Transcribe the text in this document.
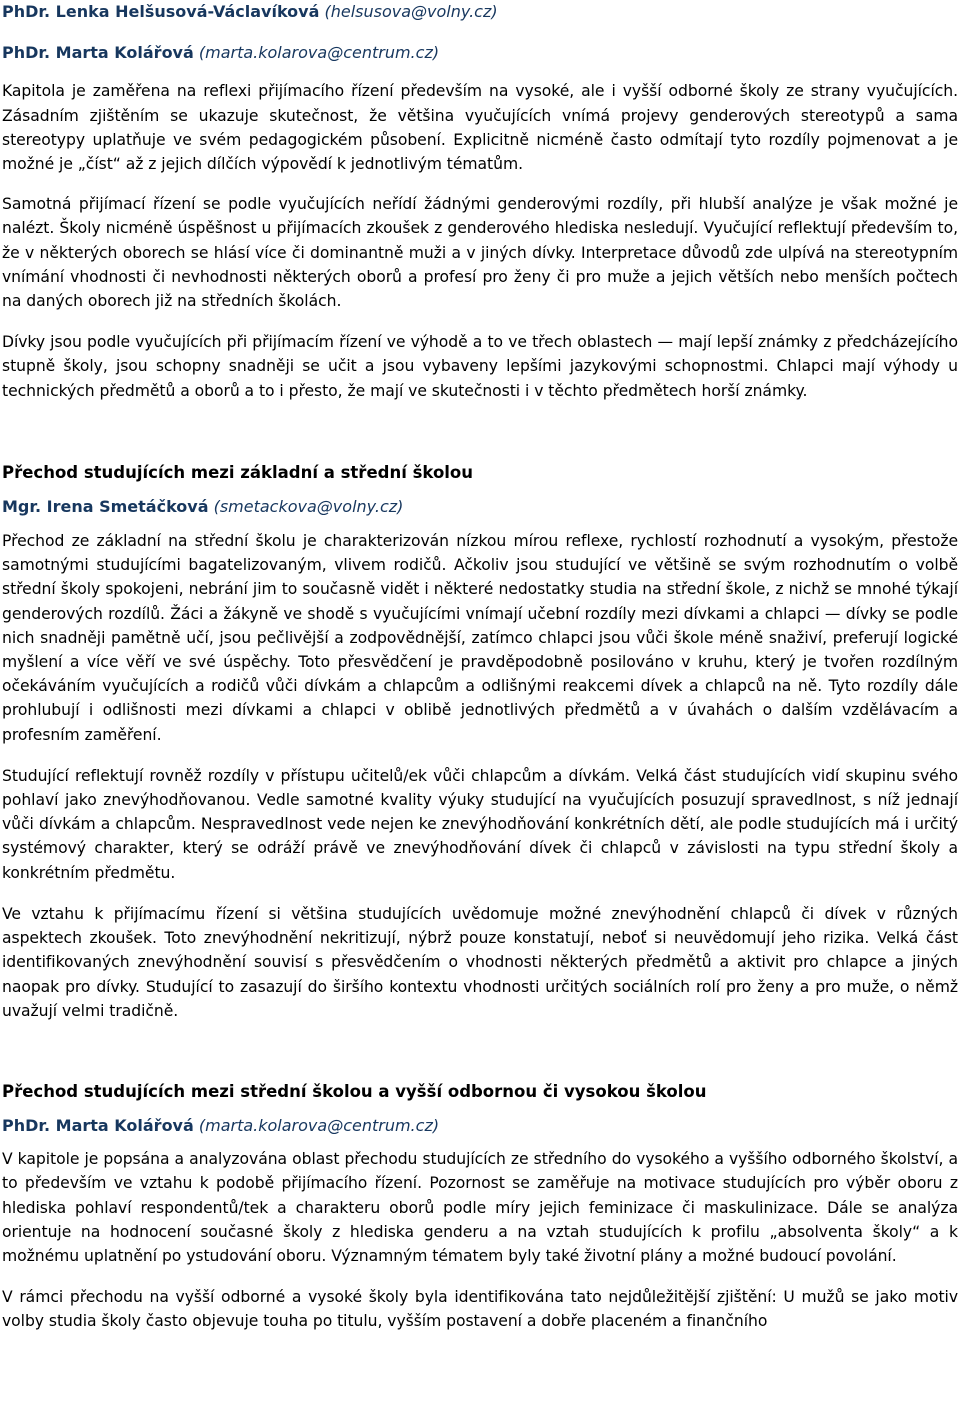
PhDr. Lenka Helšusová-Václavíková (helsusova@volny.cz)
PhDr. Marta Kolářová (marta.kolarova@centrum.cz)

Kapitola je zaměřena na reflexi přijímacího řízení především na vysoké, ale i vyšší odborné školy ze strany vyučujících. Zásadním zjištěním se ukazuje skutečnost, že většina vyučujících vnímá projevy genderových stereotypů a sama stereotypy uplatňuje ve svém pedagogickém působení. Explicitně nicméně často odmítají tyto rozdíly pojmenovat a je možné je „číst“ až z jejich dílčích výpovědí k jednotlivým tématům.

Samotná přijímací řízení se podle vyučujících neřídí žádnými genderovými rozdíly, při hlubší analýze je však možné je nalézt. Školy nicméně úspěšnost u přijímacích zkoušek z genderového hlediska nesledují. Vyučující reflektují především to, že v některých oborech se hlásí více či dominantně muži a v jiných dívky. Interpretace důvodů zde ulpívá na stereotypním vnímání vhodnosti či nevhodnosti některých oborů a profesí pro ženy či pro muže a jejich větších nebo menších počtech na daných oborech již na středních školách.

Dívky jsou podle vyučujících při přijímacím řízení ve výhodě a to ve třech oblastech — mají lepší známky z předcházejícího stupně školy, jsou schopny snadněji se učit a jsou vybaveny lepšími jazykovými schopnostmi. Chlapci mají výhody u technických předmětů a oborů a to i přesto, že mají ve skutečnosti i v těchto předmětech horší známky.

Přechod studujících mezi základní a střední školou
Mgr. Irena Smetáčková (smetackova@volny.cz)

Přechod ze základní na střední školu je charakterizován nízkou mírou reflexe, rychlostí rozhodnutí a vysokým, přestože samotnými studujícími bagatelizovaným, vlivem rodičů. Ačkoliv jsou studující ve většině se svým rozhodnutím o volbě střední školy spokojeni, nebrání jim to současně vidět i některé nedostatky studia na střední škole, z nichž se mnohé týkají genderových rozdílů. Žáci a žákyně ve shodě s vyučujícími vnímají učební rozdíly mezi dívkami a chlapci — dívky se podle nich snadněji pamětně učí, jsou pečlivější a zodpovědnější, zatímco chlapci jsou vůči škole méně snaživí, preferují logické myšlení a více věří ve své úspěchy. Toto přesvědčení je pravděpodobně posilováno v kruhu, který je tvořen rozdílným očekáváním vyučujících a rodičů vůči dívkám a chlapcům a odlišnými reakcemi dívek a chlapců na ně. Tyto rozdíly dále prohlubují i odlišnosti mezi dívkami a chlapci v oblibě jednotlivých předmětů a v úvahách o dalším vzdělávacím a profesním zaměření.

Studující reflektují rovněž rozdíly v přístupu učitelů/ek vůči chlapcům a dívkám. Velká část studujících vidí skupinu svého pohlaví jako znevýhodňovanou. Vedle samotné kvality výuky studující na vyučujících posuzují spravedlnost, s níž jednají vůči dívkám a chlapcům. Nespravedlnost vede nejen ke znevýhodňování konkrétních dětí, ale podle studujících má i určitý systémový charakter, který se odráží právě ve znevýhodňování dívek či chlapců v závislosti na typu střední školy a konkrétním předmětu.

Ve vztahu k přijímacímu řízení si většina studujících uvědomuje možné znevýhodnění chlapců či dívek v různých aspektech zkoušek. Toto znevýhodnění nekritizují, nýbrž pouze konstatují, neboť si neuvědomují jeho rizika. Velká část identifikovaných znevýhodnění souvisí s přesvědčením o vhodnosti některých předmětů a aktivit pro chlapce a jiných naopak pro dívky. Studující to zasazují do širšího kontextu vhodnosti určitých sociálních rolí pro ženy a pro muže, o němž uvažují velmi tradičně.

Přechod studujících mezi střední školou a vyšší odbornou či vysokou školou
PhDr. Marta Kolářová (marta.kolarova@centrum.cz)

V kapitole je popsána a analyzována oblast přechodu studujících ze středního do vysokého a vyššího odborného školství, a to především ve vztahu k podobě přijímacího řízení. Pozornost se zaměřuje na motivace studujících pro výběr oboru z hlediska pohlaví respondentů/tek a charakteru oborů podle míry jejich feminizace či maskulinizace. Dále se analýza orientuje na hodnocení současné školy z hlediska genderu a na vztah studujících k profilu „absolventa školy“ a k možnému uplatnění po ystudování oboru. Významným tématem byly také životní plány a možné budoucí povolání.

V rámci přechodu na vyšší odborné a vysoké školy byla identifikována tato nejdůležitější zjištění: U mužů se jako motiv volby studia školy často objevuje touha po titulu, vyšším postavení a dobře placeném a finančního
